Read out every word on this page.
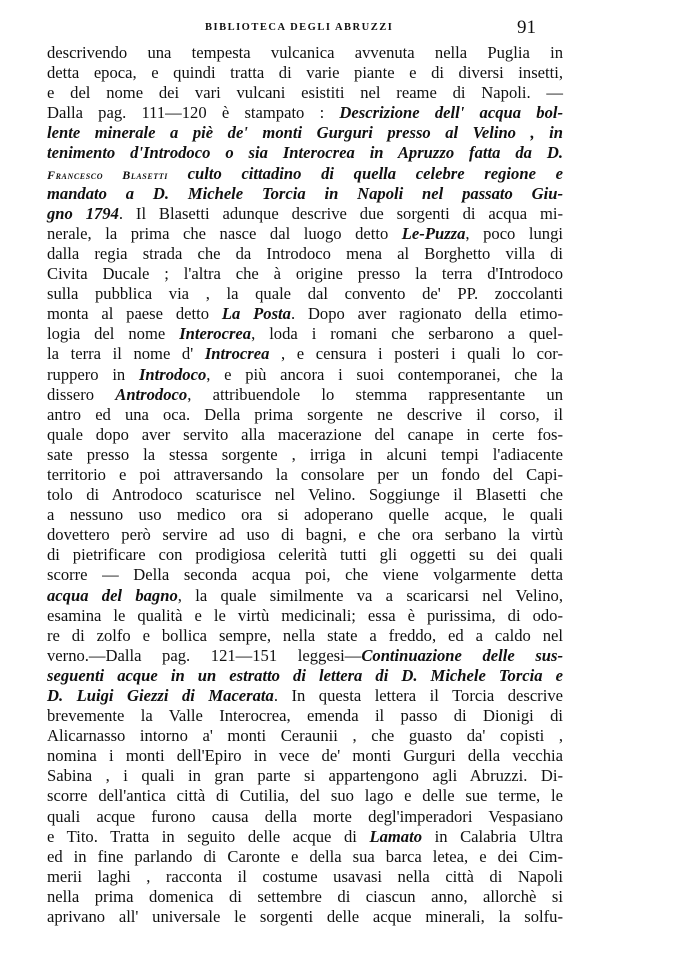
BIBLIOTECA DEGLI ABRUZZI	91
descrivendo una tempesta vulcanica avvenuta nella Puglia in
detta epoca, e quindi tratta di varie piante e di diversi insetti,
e del nome dei vari vulcani esistiti nel reame di Napoli. —
Dalla pag. 111—120 è stampato : Descrizione dell' acqua bol-
lente minerale a piè de' monti Gurguri presso al Velino , in
tenimento d'Introdoco o sia Interocrea in Apruzzo fatta da D.
Francesco Blasetti culto cittadino di quella celebre regione e
mandato a D. Michele Torcia in Napoli nel passato Giu-
gno 1794. Il Blasetti adunque descrive due sorgenti di acqua mi-
nerale, la prima che nasce dal luogo detto Le-Puzza, poco lungi
dalla regia strada che da Introdoco mena al Borghetto villa di
Civita Ducale ; l'altra che à origine presso la terra d'Introdoco
sulla pubblica via , la quale dal convento de' PP. zoccolanti
monta al paese detto La Posta. Dopo aver ragionato della etimo-
logia del nome Interocrea, loda i romani che serbarono a quel-
la terra il nome d' Introcrea , e censura i posteri i quali lo cor-
ruppero in Introdoco, e più ancora i suoi contemporanei, che la
dissero Antrodoco, attribuendole lo stemma rappresentante un
antro ed una oca. Della prima sorgente ne descrive il corso, il
quale dopo aver servito alla macerazione del canape in certe fos-
sate presso la stessa sorgente , irriga in alcuni tempi l'adiacente
territorio e poi attraversando la consolare per un fondo del Capi-
tolo di Antrodoco scaturisce nel Velino. Soggiunge il Blasetti che
a nessuno uso medico ora si adoperano quelle acque, le quali
dovettero però servire ad uso di bagni, e che ora serbano la virtù
di pietrificare con prodigiosa celerità tutti gli oggetti su dei quali
scorre — Della seconda acqua poi, che viene volgarmente detta
acqua del bagno, la quale similmente va a scaricarsi nel Velino,
esamina le qualità e le virtù medicinali; essa è purissima, di odo-
re di zolfo e bollica sempre, nella state a freddo, ed a caldo nel
verno.—Dalla pag. 121—151 leggesi—Continuazione delle sus-
seguenti acque in un estratto di lettera di D. Michele Torcia e
D. Luigi Giezzi di Macerata. In questa lettera il Torcia descrive
brevemente la Valle Interocrea, emenda il passo di Dionigi di
Alicarnasso intorno a' monti Ceraunii , che guasto da' copisti ,
nomina i monti dell'Epiro in vece de' monti Gurguri della vecchia
Sabina , i quali in gran parte si appartengono agli Abruzzi. Di-
scorre dell'antica città di Cutilia, del suo lago e delle sue terme, le
quali acque furono causa della morte degl'imperadori Vespasiano
e Tito. Tratta in seguito delle acque di Lamato in Calabria Ultra
ed in fine parlando di Caronte e della sua barca letea, e dei Cim-
merii laghi , racconta il costume usavasi nella città di Napoli
nella prima domenica di settembre di ciascun anno, allorchè si
aprivano all' universale le sorgenti delle acque minerali, la solfu-
